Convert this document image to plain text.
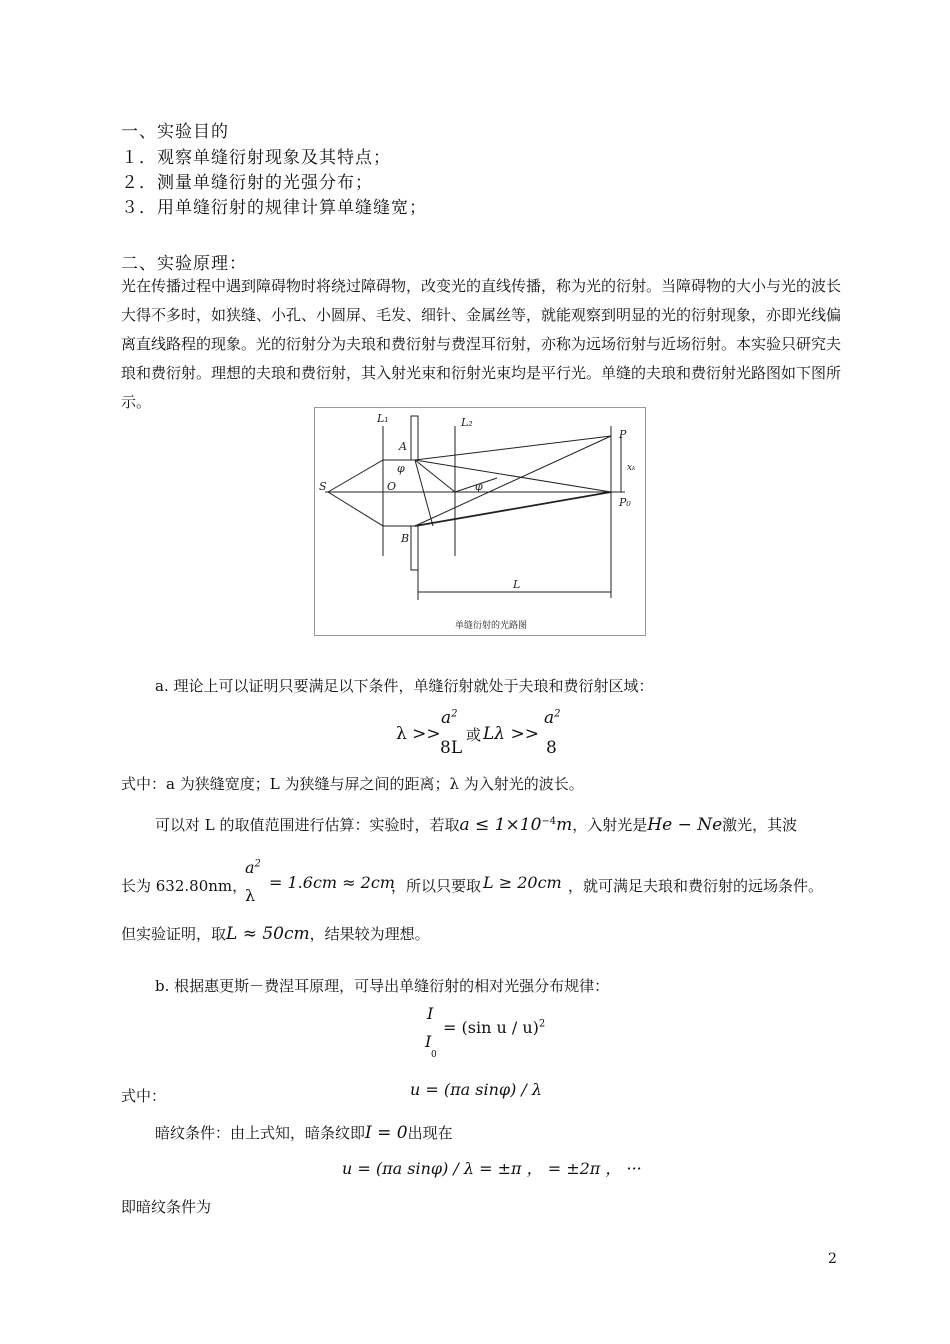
一、实验目的
１．观察单缝衍射现象及其特点；
２．测量单缝衍射的光强分布；
３．用单缝衍射的规律计算单缝缝宽；
二、实验原理：
光在传播过程中遇到障碍物时将绕过障碍物，改变光的直线传播，称为光的衍射。当障碍物的大小与光的波长大得不多时，如狭缝、小孔、小圆屏、毛发、细针、金属丝等，就能观察到明显的光的衍射现象，亦即光线偏离直线路程的现象。光的衍射分为夫琅和费衍射与费涅耳衍射，亦称为远场衍射与近场衍射。本实验只研究夫琅和费衍射。理想的夫琅和费衍射，其入射光束和衍射光束均是平行光。单缝的夫琅和费衍射光路图如下图所示。
L₁	L₂
A
B
S	O
φ
φ
P
P₀
xₖ
L
单缝衍射的光路图
a. 理论上可以证明只要满足以下条件，单缝衍射就处于夫琅和费衍射区域：
λ >>
$a^2$
8L
或 Lλ >>
$a^2$
8
式中：a 为狭缝宽度；L 为狭缝与屏之间的距离；λ 为入射光的波长。
可以对 L 的取值范围进行估算：实验时，若取$a \le 1\times 10^{-4}m$，入射光是He − Ne激光，其波
长为 632.80nm，
$a^2$
λ
= 1.6cm ≈ 2cm
，所以只要取 L ≥ 20cm ，就可满足夫琅和费衍射的远场条件。
但实验证明，取L ≈ 50cm，结果较为理想。
b. 根据惠更斯－费涅耳原理，可导出单缝衍射的相对光强分布规律：
I
I
0
= (sin u / u)$^2$
式中：	u = (πa sinφ) / λ
暗纹条件：由上式知，暗条纹即I = 0出现在
u = (πa sinφ) / λ = ±π ， = ±2π ， ···
即暗纹条件为
2
